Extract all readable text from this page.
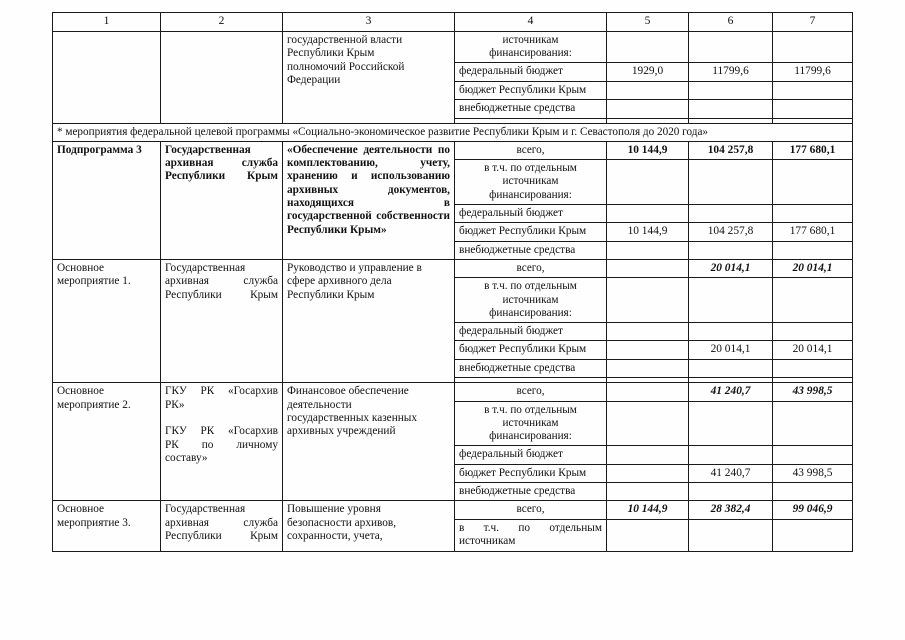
1	2	3	4	5	6	7
		государственной власти
Республики Крым
полномочий Российской
Федерации	источникам
финансирования:			
			федеральный бюджет	1929,0	11799,6	11799,6
			бюджет Республики Крым			
			внебюджетные средства			

* мероприятия федеральной целевой программы «Социально-экономическое развитие Республики Крым и г. Севастополя до 2020 года»						
Подпрограмма 3	Государственная
архивная служба
Республики Крым	«Обеспечение деятельности по комплектованию, учету, хранению и использованию архивных документов, находящихся в государственной собственности Республики Крым»	всего,	10 144,9	104 257,8	177 680,1
			в т.ч. по отдельным
источникам
финансирования:			
			федеральный бюджет			
			бюджет Республики Крым	10 144,9	104 257,8	177 680,1
			внебюджетные средства			
Основное
мероприятие 1.	Государственная
архивная служба
Республики Крым	Руководство и управление в
сфере архивного дела
Республики Крым	всего,		20 014,1	20 014,1
			в т.ч. по отдельным
источникам
финансирования:			
			федеральный бюджет			
			бюджет Республики Крым		20 014,1	20 014,1
			внебюджетные средства			

Основное
мероприятие 2.	ГКУ РК «Госархив
РК»

ГКУ РК «Госархив
РК по личному
составу»	Финансовое обеспечение
деятельности
государственных казенных
архивных учреждений	всего,		41 240,7	43 998,5
			в т.ч. по отдельным
источникам
финансирования:			
			федеральный бюджет			
			бюджет Республики Крым		41 240,7	43 998,5
			внебюджетные средства			
Основное
мероприятие 3.	Государственная
архивная служба
Республики Крым	Повышение уровня
безопасности архивов,
сохранности, учета,	всего,	10 144,9	28 382,4	99 046,9
			в т.ч. по отдельным
источникам			
